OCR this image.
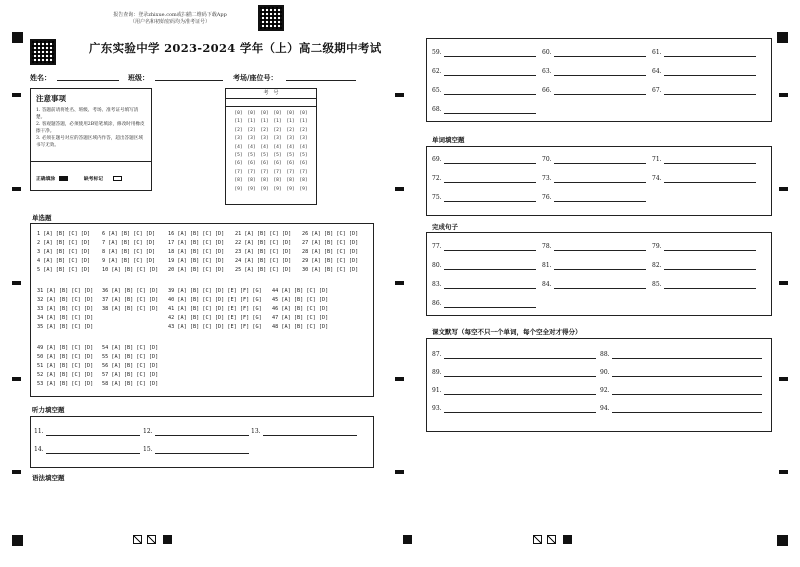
报告查询：登录zhixue.com或扫描二维码下载App
（用户名和初始密码均为准考证号）
广东实验中学 2023-2024 学年（上）高二级期中考试
姓名：	班级：	考场/座位号：
注意事项
1. 答题前请将姓名、班级、考场、准考证号填写清楚。
2. 客观题答题，必须使用2B铅笔填涂，修改时用橡皮擦干净。
3. 必须在题号对应的答题区域内作答，超出答题区域书写无效。
正确填涂	缺考标记
考　号
[0]	[0]	[0]	[0]	[0]	[0]
[1]	[1]	[1]	[1]	[1]	[1]
[2]	[2]	[2]	[2]	[2]	[2]
[3]	[3]	[3]	[3]	[3]	[3]
[4]	[4]	[4]	[4]	[4]	[4]
[5]	[5]	[5]	[5]	[5]	[5]
[6]	[6]	[6]	[6]	[6]	[6]
[7]	[7]	[7]	[7]	[7]	[7]
[8]	[8]	[8]	[8]	[8]	[8]
[9]	[9]	[9]	[9]	[9]	[9]
单选题
1 [A] [B] [C] [D]
2 [A] [B] [C] [D]
3 [A] [B] [C] [D]
4 [A] [B] [C] [D]
5 [A] [B] [C] [D]
6 [A] [B] [C] [D]
7 [A] [B] [C] [D]
8 [A] [B] [C] [D]
9 [A] [B] [C] [D]
10 [A] [B] [C] [D]
16 [A] [B] [C] [D]
17 [A] [B] [C] [D]
18 [A] [B] [C] [D]
19 [A] [B] [C] [D]
20 [A] [B] [C] [D]
21 [A] [B] [C] [D]
22 [A] [B] [C] [D]
23 [A] [B] [C] [D]
24 [A] [B] [C] [D]
25 [A] [B] [C] [D]
26 [A] [B] [C] [D]
27 [A] [B] [C] [D]
28 [A] [B] [C] [D]
29 [A] [B] [C] [D]
30 [A] [B] [C] [D]
31 [A] [B] [C] [D]
32 [A] [B] [C] [D]
33 [A] [B] [C] [D]
34 [A] [B] [C] [D]
35 [A] [B] [C] [D]
36 [A] [B] [C] [D]
37 [A] [B] [C] [D]
38 [A] [B] [C] [D]
39 [A] [B] [C] [D] [E] [F] [G]
40 [A] [B] [C] [D] [E] [F] [G]
41 [A] [B] [C] [D] [E] [F] [G]
42 [A] [B] [C] [D] [E] [F] [G]
43 [A] [B] [C] [D] [E] [F] [G]
44 [A] [B] [C] [D]
45 [A] [B] [C] [D]
46 [A] [B] [C] [D]
47 [A] [B] [C] [D]
48 [A] [B] [C] [D]
49 [A] [B] [C] [D]
50 [A] [B] [C] [D]
51 [A] [B] [C] [D]
52 [A] [B] [C] [D]
53 [A] [B] [C] [D]
54 [A] [B] [C] [D]
55 [A] [B] [C] [D]
56 [A] [B] [C] [D]
57 [A] [B] [C] [D]
58 [A] [B] [C] [D]
听力填空题
语法填空题
单词填空题
完成句子
课文默写（每空不只一个单词，每个空全对才得分）
11.	12.	13.
14.	15.
59.	60.	61.
62.	63.	64.
65.	66.	67.
68.
69.	70.	71.
72.	73.	74.
75.	76.
77.	78.	79.
80.	81.	82.
83.	84.	85.
86.
87.	88.
89.	90.
91.	92.
93.	94.
